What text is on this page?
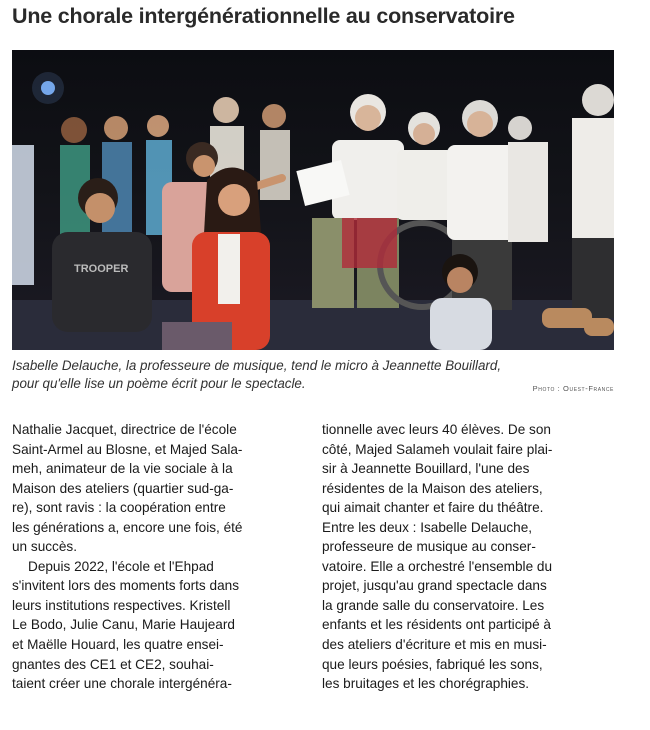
Une chorale intergénérationnelle au conservatoire
TROOPER

Isabelle Delauche, la professeure de musique, tend le micro à Jeannette Bouillard,
pour qu'elle lise un poème écrit pour le spectacle.	Photo : Ouest-France
Nathalie Jacquet, directrice de l'école
Saint-Armel au Blosne, et Majed Sala-
meh, animateur de la vie sociale à la
Maison des ateliers (quartier sud-ga-
re), sont ravis : la coopération entre
les générations a, encore une fois, été
un succès.
Depuis 2022, l'école et l'Ehpad
s'invitent lors des moments forts dans
leurs institutions respectives. Kristell
Le Bodo, Julie Canu, Marie Haujeard
et Maëlle Houard, les quatre ensei-
gnantes des CE1 et CE2, souhai-
taient créer une chorale intergénéra-
tionnelle avec leurs 40 élèves. De son
côté, Majed Salameh voulait faire plai-
sir à Jeannette Bouillard, l'une des
résidentes de la Maison des ateliers,
qui aimait chanter et faire du théâtre.
Entre les deux : Isabelle Delauche,
professeure de musique au conser-
vatoire. Elle a orchestré l'ensemble du
projet, jusqu'au grand spectacle dans
la grande salle du conservatoire. Les
enfants et les résidents ont participé à
des ateliers d'écriture et mis en musi-
que leurs poésies, fabriqué les sons,
les bruitages et les chorégraphies.
